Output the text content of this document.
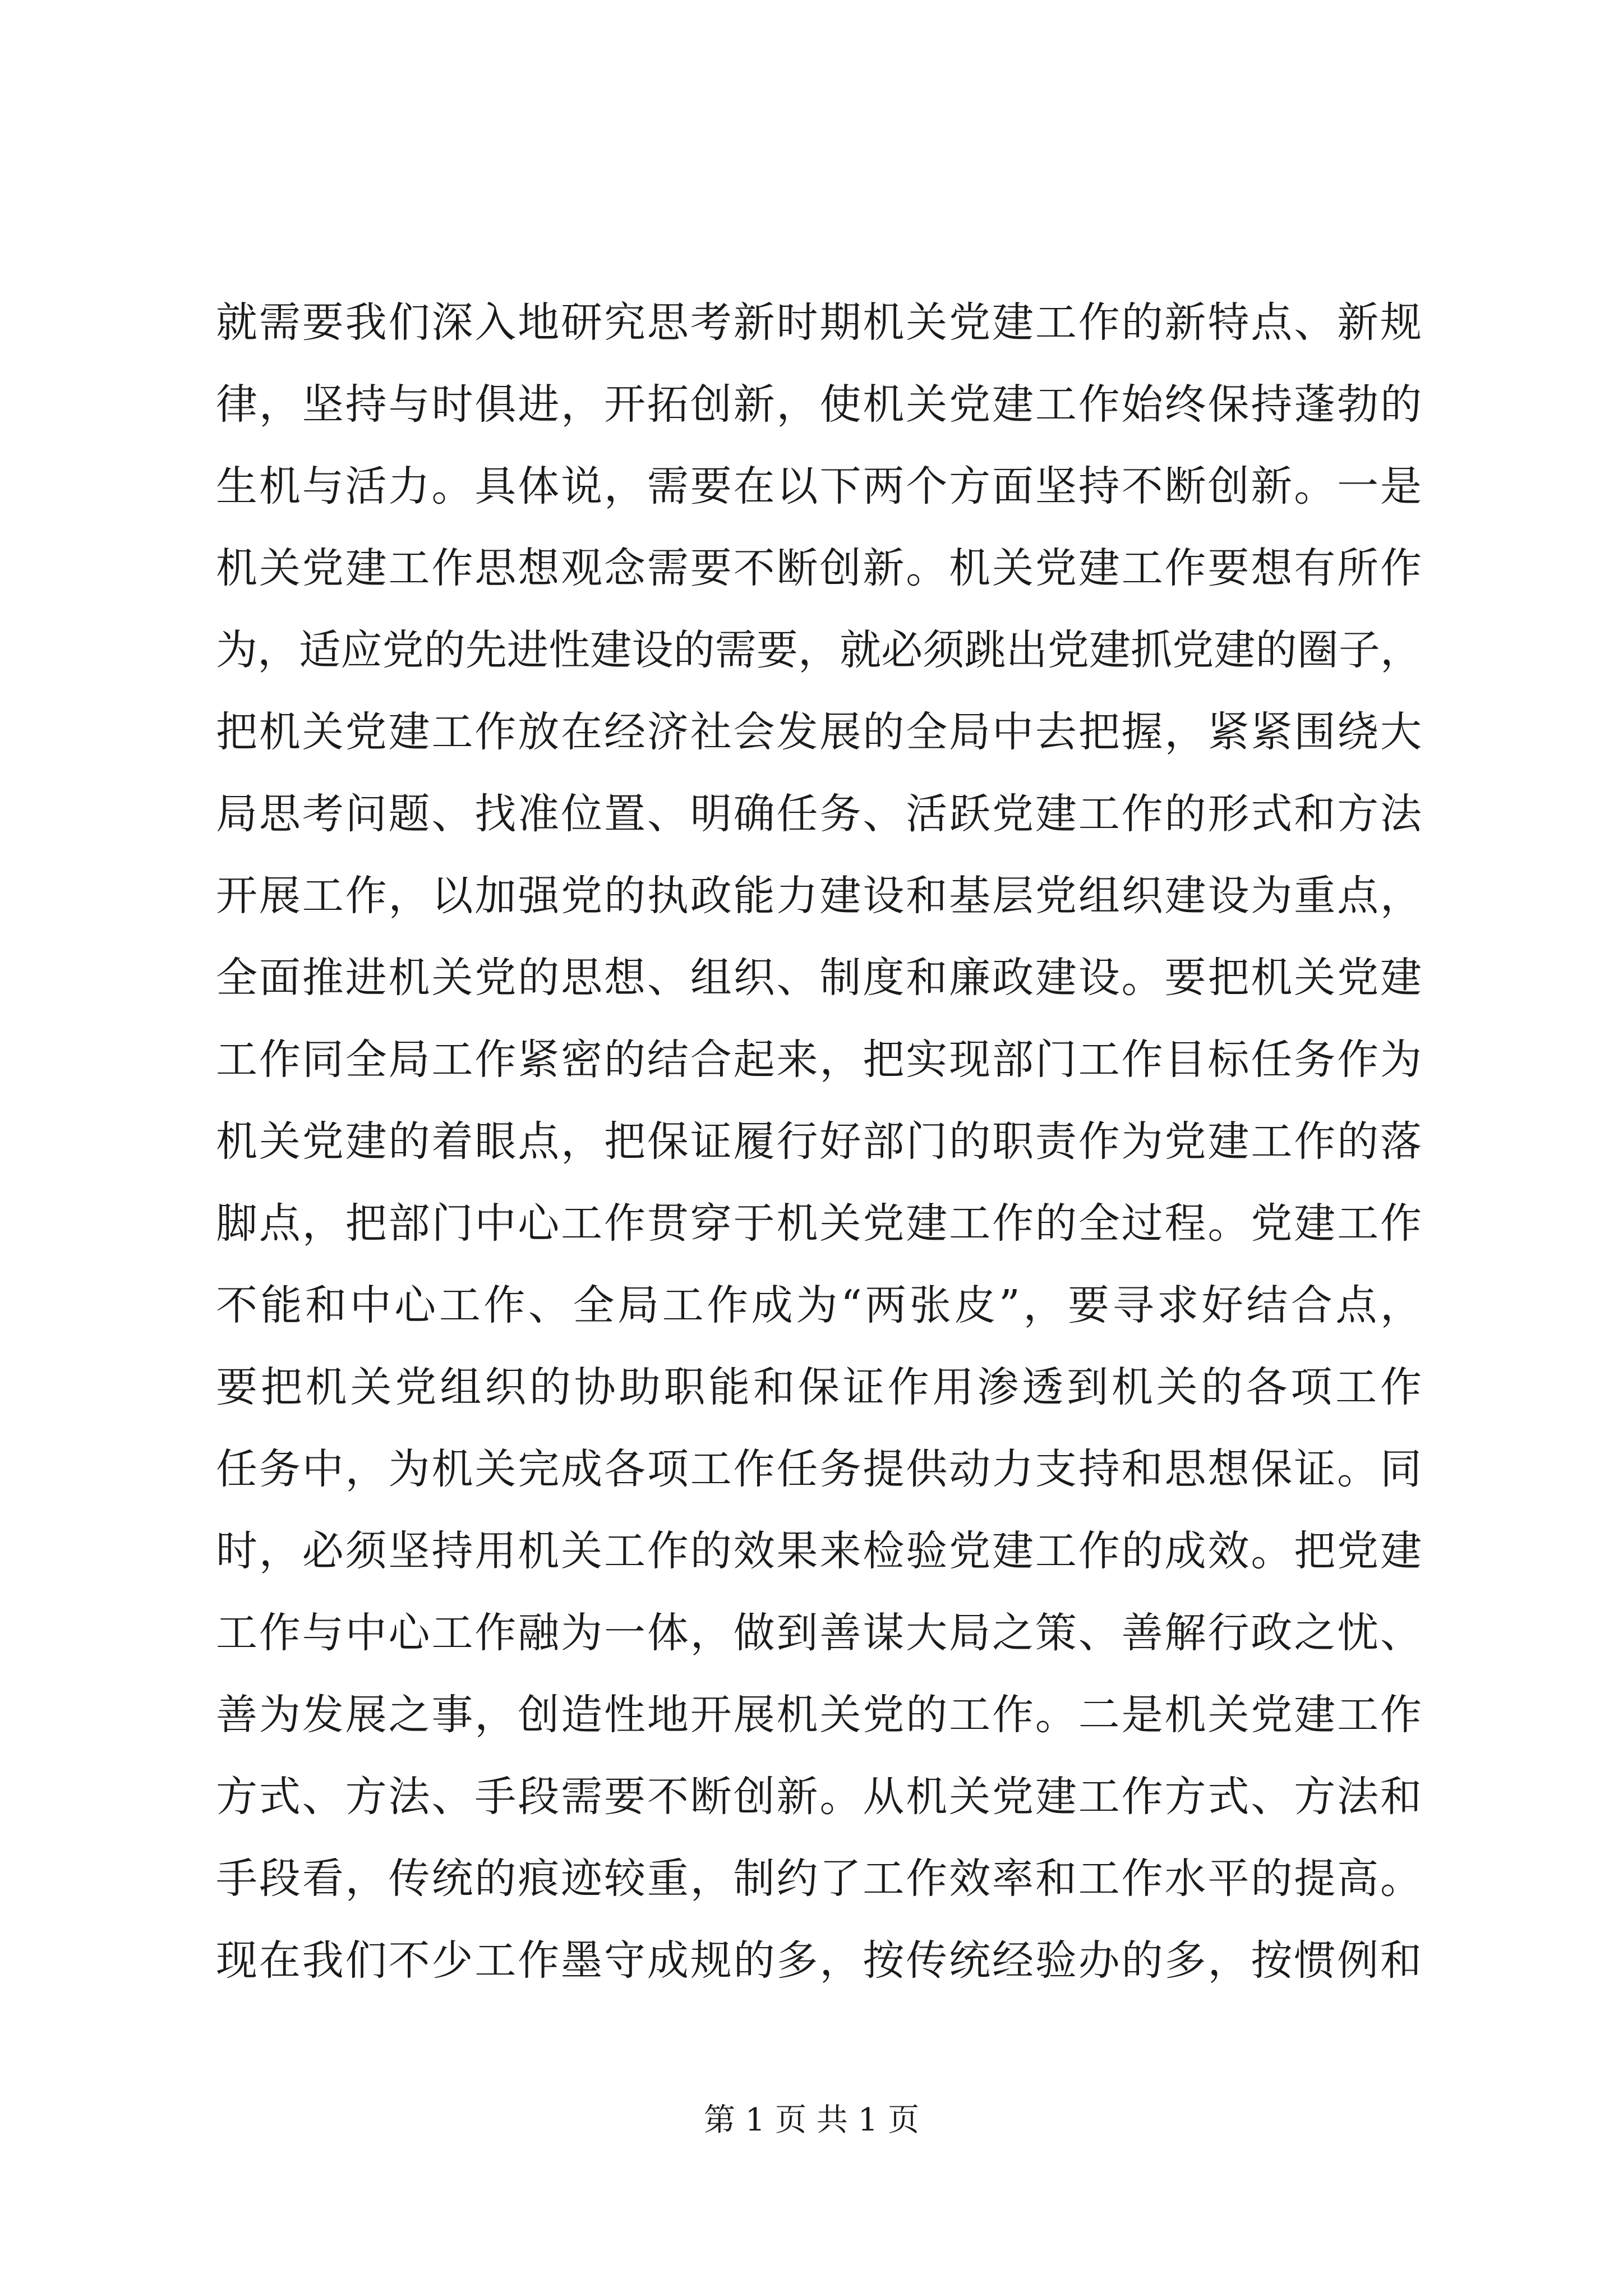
就需要我们深入地研究思考新时期机关党建工作的新特点、新规
律，坚持与时俱进，开拓创新，使机关党建工作始终保持蓬勃的
生机与活力。具体说，需要在以下两个方面坚持不断创新。一是
机关党建工作思想观念需要不断创新。机关党建工作要想有所作
为，适应党的先进性建设的需要，就必须跳出党建抓党建的圈子，
把机关党建工作放在经济社会发展的全局中去把握，紧紧围绕大
局思考问题、找准位置、明确任务、活跃党建工作的形式和方法
开展工作，以加强党的执政能力建设和基层党组织建设为重点，
全面推进机关党的思想、组织、制度和廉政建设。要把机关党建
工作同全局工作紧密的结合起来，把实现部门工作目标任务作为
机关党建的着眼点，把保证履行好部门的职责作为党建工作的落
脚点，把部门中心工作贯穿于机关党建工作的全过程。党建工作
不能和中心工作、全局工作成为“两张皮”，要寻求好结合点，
要把机关党组织的协助职能和保证作用渗透到机关的各项工作
任务中，为机关完成各项工作任务提供动力支持和思想保证。同
时，必须坚持用机关工作的效果来检验党建工作的成效。把党建
工作与中心工作融为一体，做到善谋大局之策、善解行政之忧、
善为发展之事，创造性地开展机关党的工作。二是机关党建工作
方式、方法、手段需要不断创新。从机关党建工作方式、方法和
手段看，传统的痕迹较重，制约了工作效率和工作水平的提高。
现在我们不少工作墨守成规的多，按传统经验办的多，按惯例和
第 1 页 共 1 页
